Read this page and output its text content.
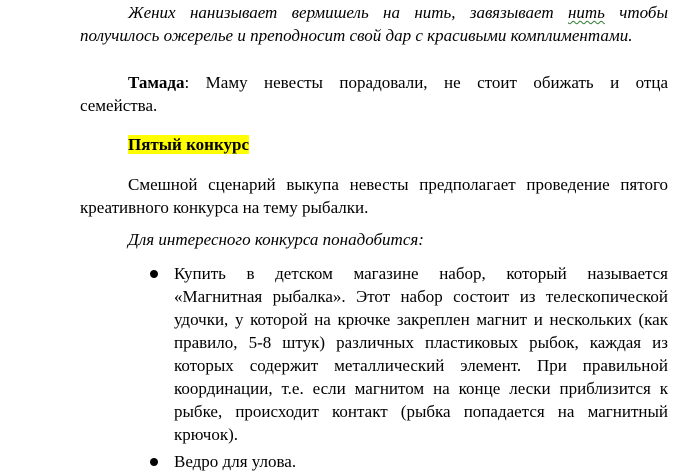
Жених нанизывает вермишель на нить, завязывает нить чтобы
получилось ожерелье и преподносит свой дар с красивыми комплиментами.
Тамада: Маму невесты порадовали, не стоит обижать и отца
семейства.
Пятый конкурс
Смешной сценарий выкупа невесты предполагает проведение пятого
креативного конкурса на тему рыбалки.
Для интересного конкурса понадобится:
Купить в детском магазине набор, который называется
«Магнитная рыбалка». Этот набор состоит из телескопической
удочки, у которой на крючке закреплен магнит и нескольких (как
правило, 5-8 штук) различных пластиковых рыбок, каждая из
которых содержит металлический элемент. При правильной
координации, т.е. если магнитом на конце лески приблизится к
рыбке, происходит контакт (рыбка попадается на магнитный
крючок).
Ведро для улова.
